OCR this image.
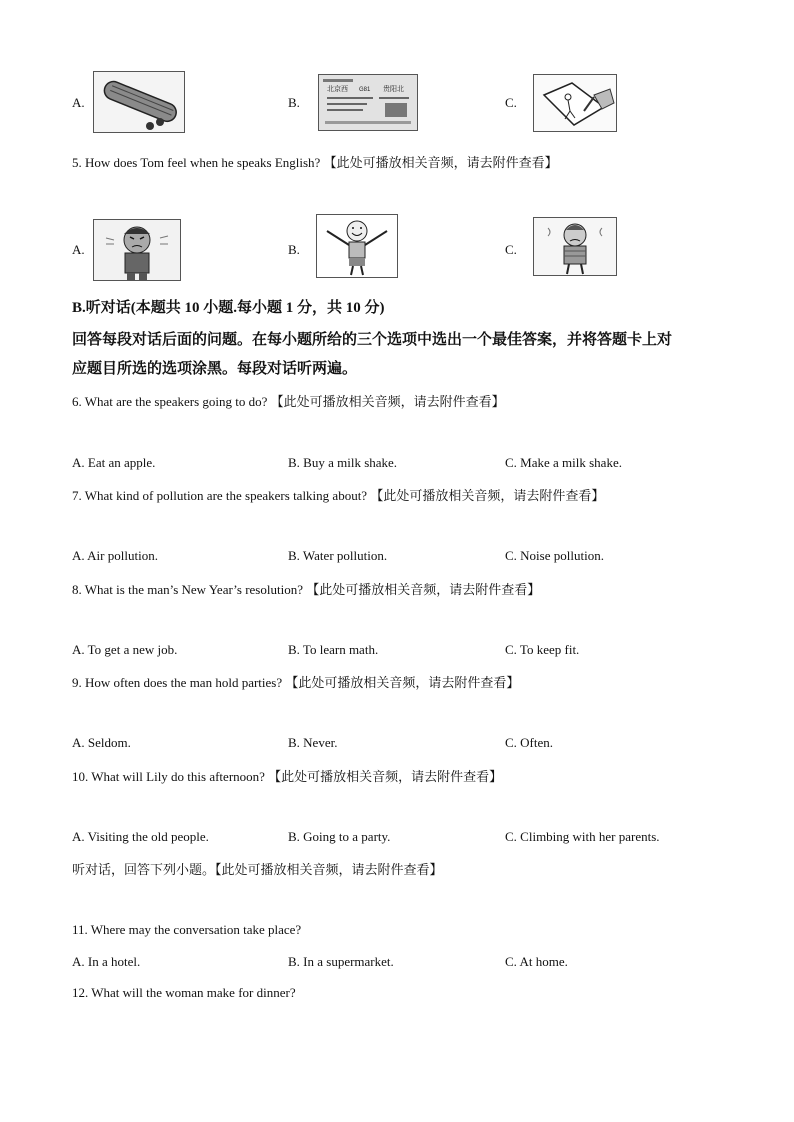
A.	B.
北京西 G81 贵阳北
C.
5. How does Tom feel when he speaks English? 【此处可播放相关音频，请去附件查看】
A.	B.	C.
B.听对话(本题共 10 小题.每小题 1 分，共 10 分)
回答每段对话后面的问题。在每小题所给的三个选项中选出一个最佳答案，并将答题卡上对
应题目所选的选项涂黑。每段对话听两遍。
6. What are the speakers going to do? 【此处可播放相关音频，请去附件查看】
A. Eat an apple.	B. Buy a milk shake.	C. Make a milk shake.
7. What kind of pollution are the speakers talking about? 【此处可播放相关音频，请去附件查看】
A. Air pollution.	B. Water pollution.	C. Noise pollution.
8. What is the man’s New Year’s resolution? 【此处可播放相关音频，请去附件查看】
A. To get a new job.	B. To learn math.	C. To keep fit.
9. How often does the man hold parties? 【此处可播放相关音频，请去附件查看】
A. Seldom.	B. Never.	C. Often.
10. What will Lily do this afternoon? 【此处可播放相关音频，请去附件查看】
A. Visiting the old people.	B. Going to a party.	C. Climbing with her parents.
听对话，回答下列小题。【此处可播放相关音频，请去附件查看】
11. Where may the conversation take place?
A. In a hotel.	B. In a supermarket.	C. At home.
12. What will the woman make for dinner?
